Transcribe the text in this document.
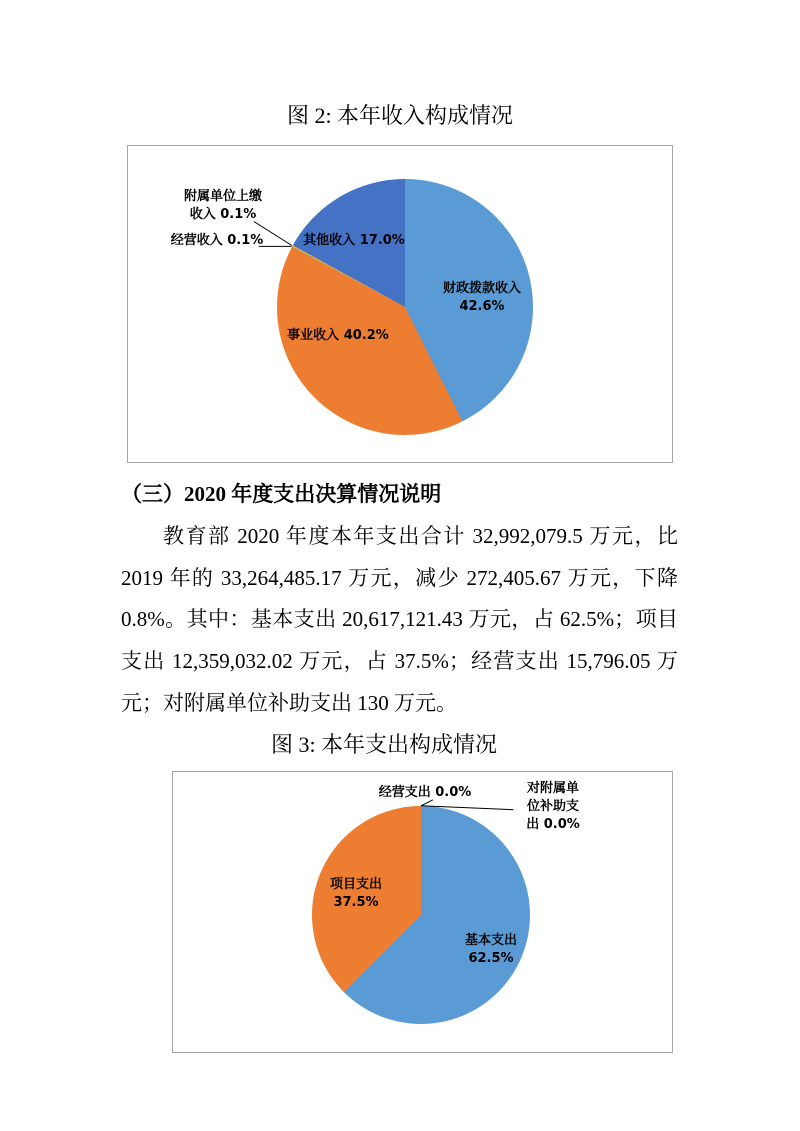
图 2: 本年收入构成情况
附属单位上缴
收入 0.1%
经营收入 0.1%	其他收入 17.0%
事业收入 40.2%
财政拨款收入
42.6%
（三）2020 年度支出决算情况说明
教育部 2020 年度本年支出合计 32,992,079.5 万元，比
2019 年的 33,264,485.17 万元，减少 272,405.67 万元，下降
0.8%。其中：基本支出 20,617,121.43 万元，占 62.5%；项目
支出 12,359,032.02 万元，占 37.5%；经营支出 15,796.05 万
元；对附属单位补助支出 130 万元。
图 3: 本年支出构成情况
经营支出 0.0%	对附属单
位补助支
出 0.0%
基本支出
62.5%
项目支出
37.5%
